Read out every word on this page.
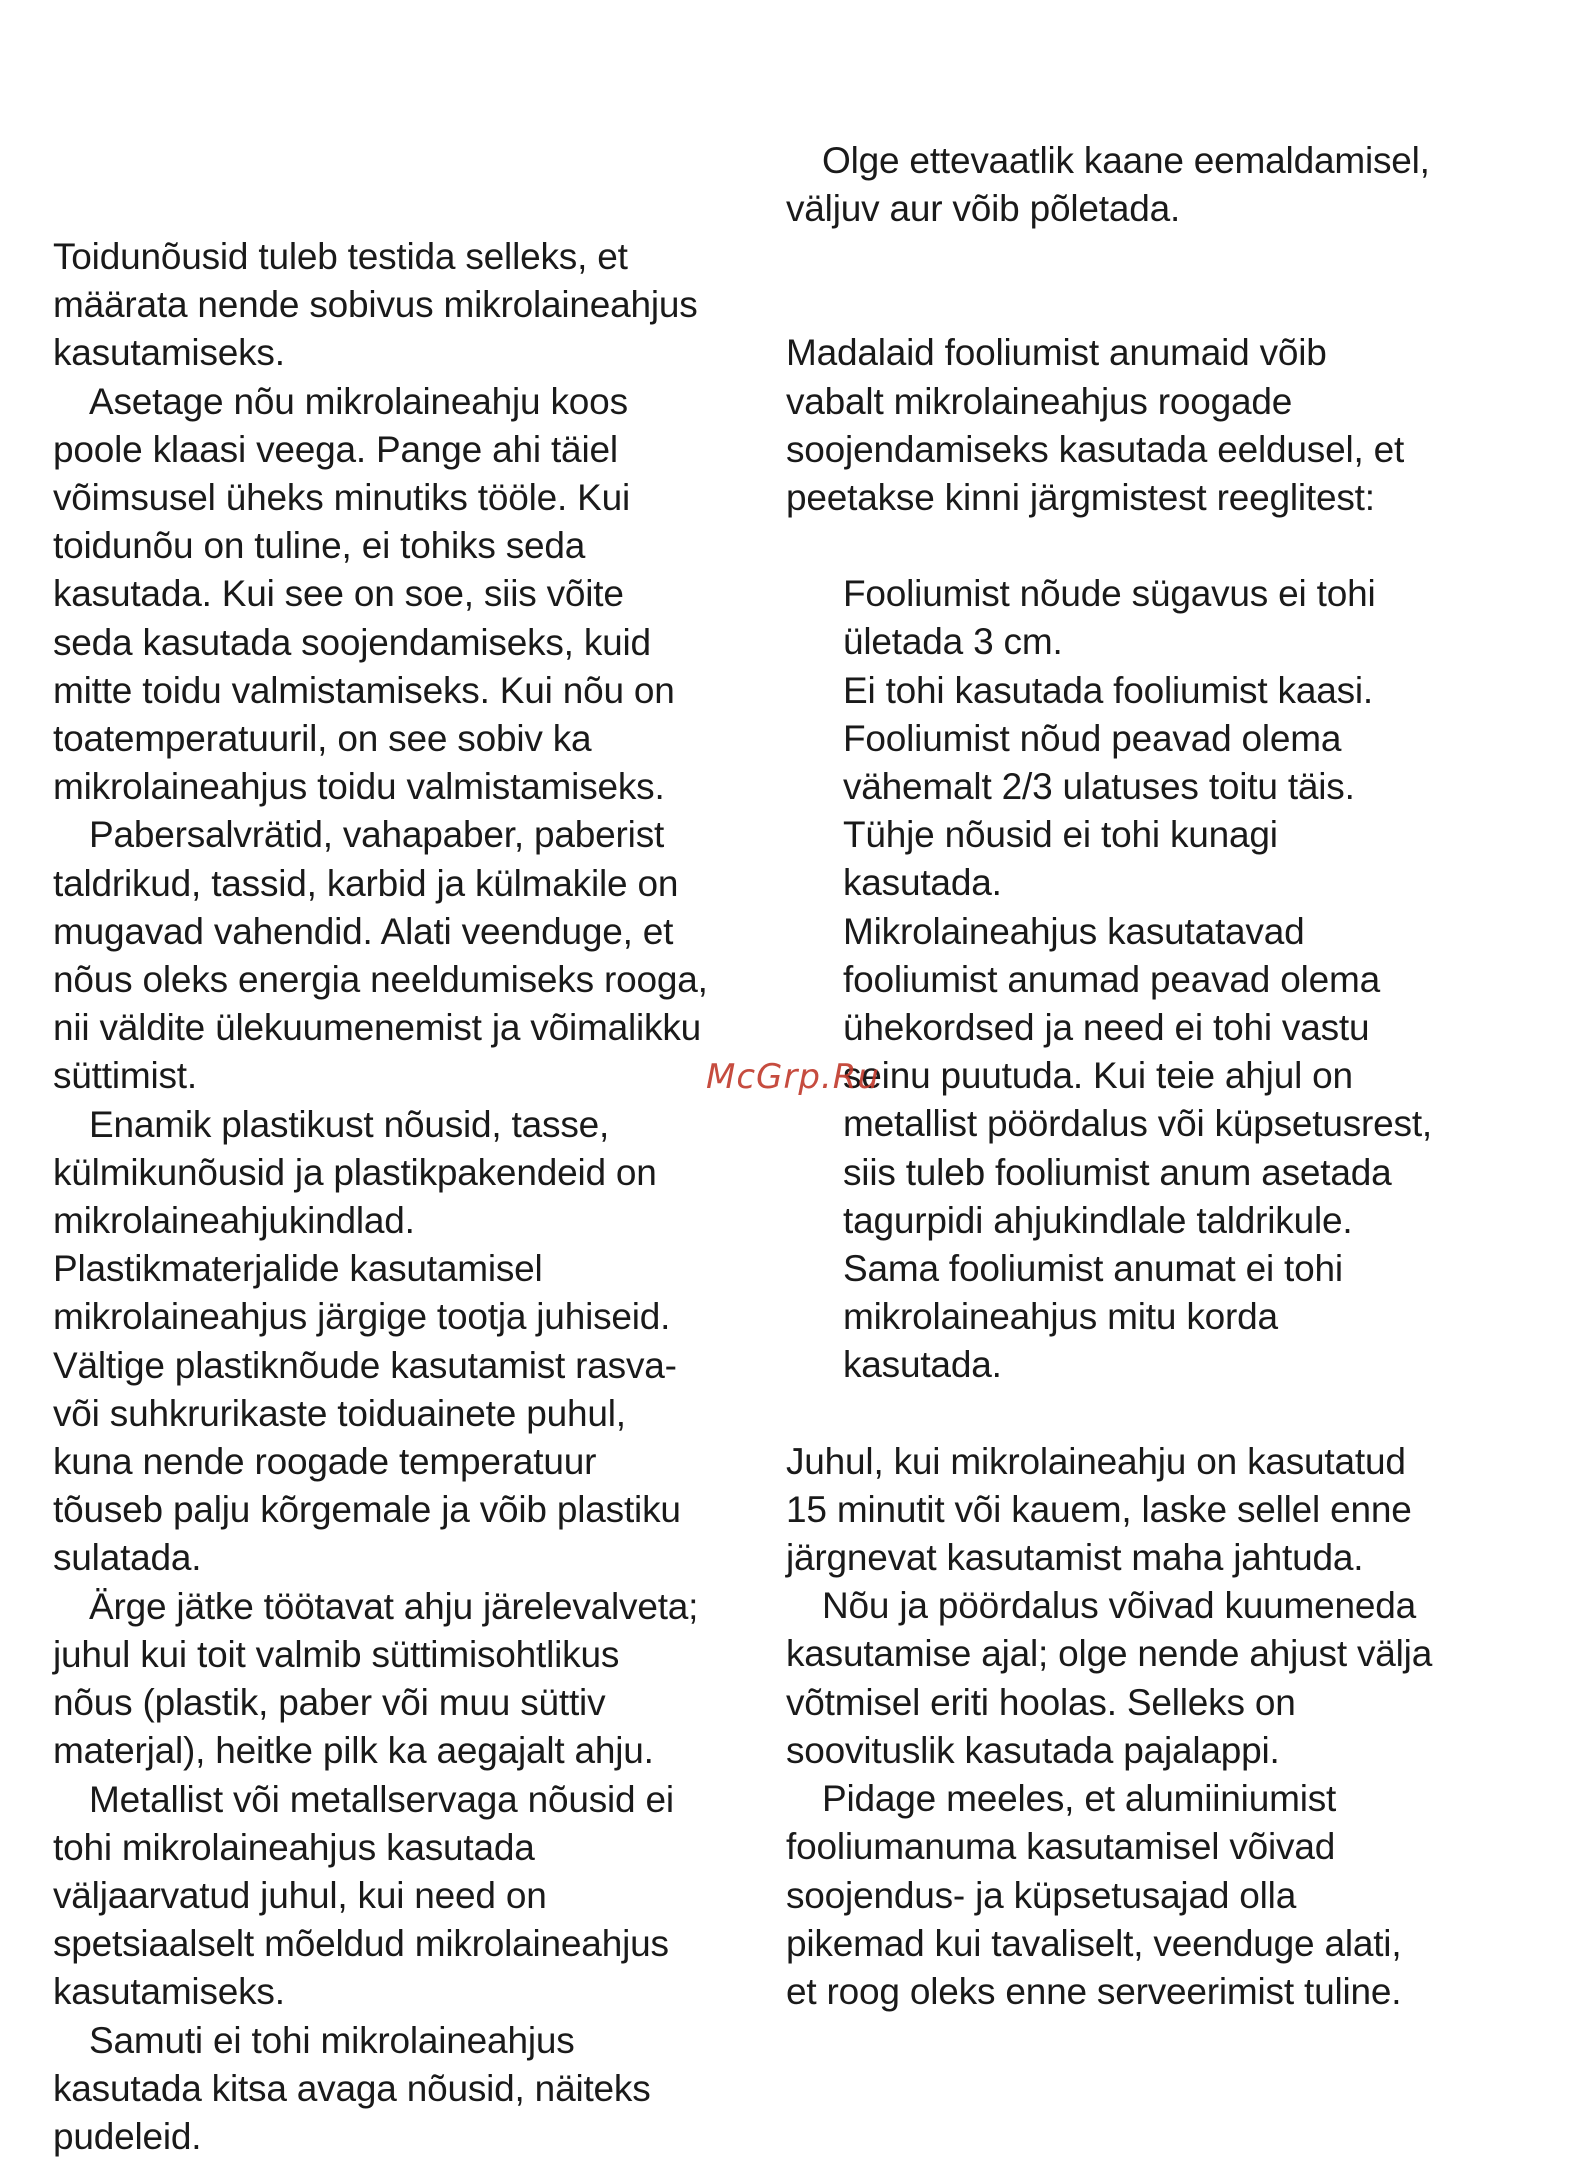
Toidunõusid tuleb testida selleks, et
määrata nende sobivus mikrolaineahjus
kasutamiseks.

Asetage nõu mikrolaineahju koos
poole klaasi veega. Pange ahi täiel
võimsusel üheks minutiks tööle. Kui
toidunõu on tuline, ei tohiks seda
kasutada. Kui see on soe, siis võite
seda kasutada soojendamiseks, kuid
mitte toidu valmistamiseks. Kui nõu on
toatemperatuuril, on see sobiv ka
mikrolaineahjus toidu valmistamiseks.

Pabersalvrätid, vahapaber, paberist
taldrikud, tassid, karbid ja külmakile on
mugavad vahendid. Alati veenduge, et
nõus oleks energia neeldumiseks rooga,
nii väldite ülekuumenemist ja võimalikku
süttimist.

Enamik plastikust nõusid, tasse,
külmikunõusid ja plastikpakendeid on
mikrolaineahjukindlad.
Plastikmaterjalide kasutamisel
mikrolaineahjus järgige tootja juhiseid.
Vältige plastiknõude kasutamist rasva-
või suhkrurikaste toiduainete puhul,
kuna nende roogade temperatuur
tõuseb palju kõrgemale ja võib plastiku
sulatada.

Ärge jätke töötavat ahju järelevalveta;
juhul kui toit valmib süttimisohtlikus
nõus (plastik, paber või muu süttiv
materjal), heitke pilk ka aegajalt ahju.

Metallist või metallservaga nõusid ei
tohi mikrolaineahjus kasutada
väljaarvatud juhul, kui need on
spetsiaalselt mõeldud mikrolaineahjus
kasutamiseks.

Samuti ei tohi mikrolaineahjus
kasutada kitsa avaga nõusid, näiteks
pudeleid.

Olge ettevaatlik kaane eemaldamisel,
väljuv aur võib põletada.

Madalaid fooliumist anumaid võib
vabalt mikrolaineahjus roogade
soojendamiseks kasutada eeldusel, et
peetakse kinni järgmistest reeglitest:

Fooliumist nõude sügavus ei tohi
ületada 3 cm.
Ei tohi kasutada fooliumist kaasi.
Fooliumist nõud peavad olema
vähemalt 2/3 ulatuses toitu täis.
Tühje nõusid ei tohi kunagi
kasutada.
Mikrolaineahjus kasutatavad
fooliumist anumad peavad olema
ühekordsed ja need ei tohi vastu
seinu puutuda. Kui teie ahjul on
metallist pöördalus või küpsetusrest,
siis tuleb fooliumist anum asetada
tagurpidi ahjukindlale taldrikule.
Sama fooliumist anumat ei tohi
mikrolaineahjus mitu korda
kasutada.

Juhul, kui mikrolaineahju on kasutatud
15 minutit või kauem, laske sellel enne
järgnevat kasutamist maha jahtuda.

Nõu ja pöördalus võivad kuumeneda
kasutamise ajal; olge nende ahjust välja
võtmisel eriti hoolas. Selleks on
soovituslik kasutada pajalappi.

Pidage meeles, et alumiiniumist
fooliumanuma kasutamisel võivad
soojendus- ja küpsetusajad olla
pikemad kui tavaliselt, veenduge alati,
et roog oleks enne serveerimist tuline.

McGrp.Ru
